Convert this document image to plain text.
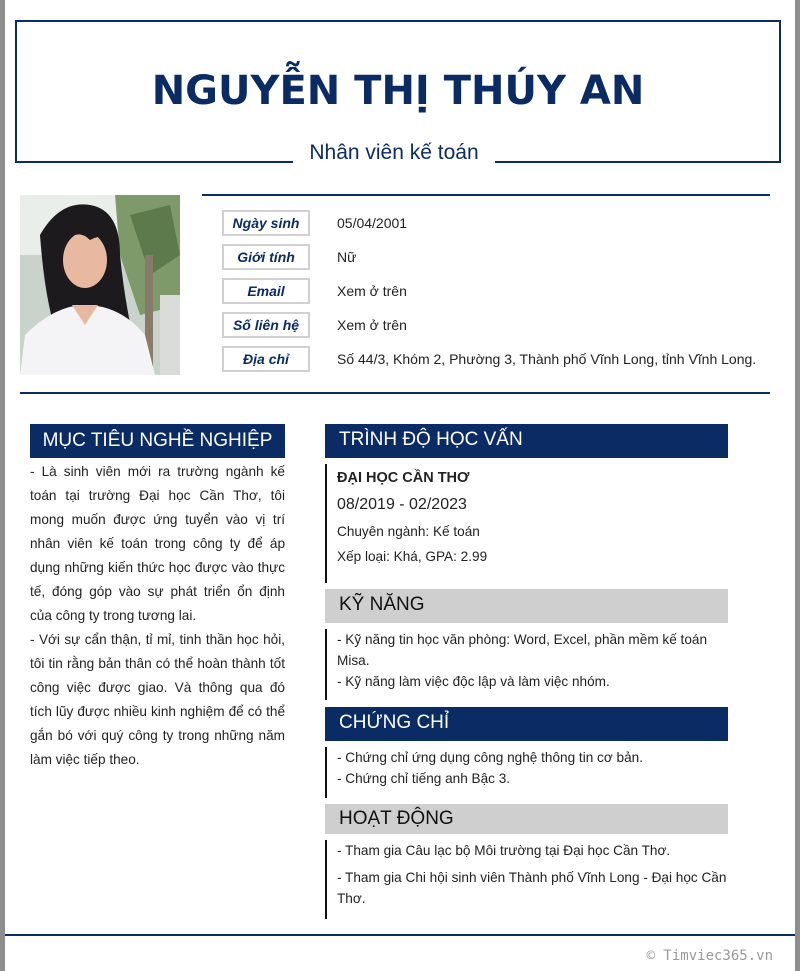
NGUYỄN THỊ THÚY AN
Nhân viên kế toán
Ngày sinh	05/04/2001
Giới tính	Nữ
Email	Xem ở trên
Số liên hệ	Xem ở trên
Địa chỉ	Số 44/3, Khóm 2, Phường 3, Thành phố Vĩnh Long, tỉnh Vĩnh Long.
MỤC TIÊU NGHỀ NGHIỆP

- Là sinh viên mới ra trường ngành kế toán tại trường Đại học Cần Thơ, tôi mong muốn được ứng tuyển vào vị trí nhân viên kế toán trong công ty để áp dụng những kiến thức học được vào thực tế, đóng góp vào sự phát triển ổn định của công ty trong tương lai.

- Với sự cẩn thận, tỉ mỉ, tinh thần học hỏi, tôi tin rằng bản thân có thể hoàn thành tốt công việc được giao. Và thông qua đó tích lũy được nhiều kinh nghiệm để có thể gắn bó với quý công ty trong những năm làm việc tiếp theo.

TRÌNH ĐỘ HỌC VẤN

ĐẠI HỌC CẦN THƠ

08/2019 - 02/2023

Chuyên ngành: Kế toán

Xếp loại: Khá, GPA: 2.99

KỸ NĂNG

- Kỹ năng tin học văn phòng: Word, Excel, phần mềm kế toán Misa.

- Kỹ năng làm việc độc lập và làm việc nhóm.

CHỨNG CHỈ

- Chứng chỉ ứng dụng công nghệ thông tin cơ bản.

- Chứng chỉ tiếng anh Bậc 3.

HOẠT ĐỘNG

- Tham gia Câu lạc bộ Môi trường tại Đại học Cần Thơ.

- Tham gia Chi hội sinh viên Thành phố Vĩnh Long - Đại học Cần Thơ.

© Timviec365.vn
